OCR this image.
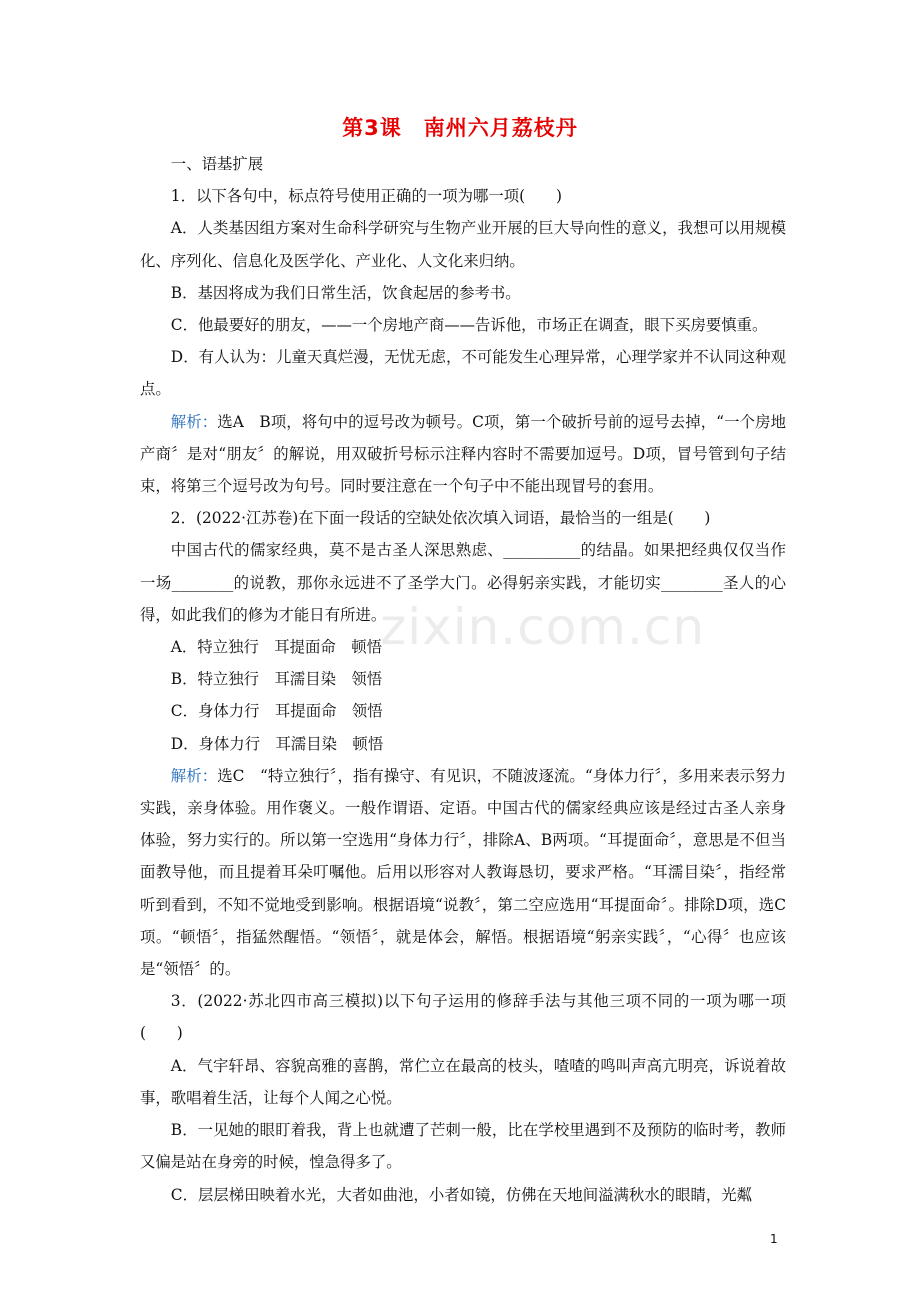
第3课　南州六月荔枝丹

一、语基扩展

1．以下各句中，标点符号使用正确的一项为哪一项(　　)

A．人类基因组方案对生命科学研究与生物产业开展的巨大导向性的意义，我想可以用规模化、序列化、信息化及医学化、产业化、人文化来归纳。

B．基因将成为我们日常生活，饮食起居的参考书。

C．他最要好的朋友，——一个房地产商——告诉他，市场正在调查，眼下买房要慎重。

D．有人认为：儿童天真烂漫，无忧无虑，不可能发生心理异常，心理学家并不认同这种观点。

解析：选A　B项，将句中的逗号改为顿号。C项，第一个破折号前的逗号去掉，“一个房地产商〞是对“朋友〞的解说，用双破折号标示注释内容时不需要加逗号。D项，冒号管到句子结束，将第三个逗号改为句号。同时要注意在一个句子中不能出现冒号的套用。

2．(2022·江苏卷)在下面一段话的空缺处依次填入词语，最恰当的一组是(　　)

中国古代的儒家经典，莫不是古圣人深思熟虑、__________的结晶。如果把经典仅仅当作一场________的说教，那你永远进不了圣学大门。必得躬亲实践，才能切实________圣人的心得，如此我们的修为才能日有所进。

A．特立独行　耳提面命　顿悟

B．特立独行　耳濡目染　领悟

C．身体力行　耳提面命　领悟

D．身体力行　耳濡目染　顿悟

解析：选C　“特立独行〞，指有操守、有见识，不随波逐流。“身体力行〞，多用来表示努力实践，亲身体验。用作褒义。一般作谓语、定语。中国古代的儒家经典应该是经过古圣人亲身体验，努力实行的。所以第一空选用“身体力行〞，排除A、B两项。“耳提面命〞，意思是不但当面教导他，而且提着耳朵叮嘱他。后用以形容对人教诲恳切，要求严格。“耳濡目染〞，指经常听到看到，不知不觉地受到影响。根据语境“说教〞，第二空应选用“耳提面命〞。排除D项，选C项。“顿悟〞，指猛然醒悟。“领悟〞，就是体会，解悟。根据语境“躬亲实践〞，“心得〞也应该是“领悟〞的。

3．(2022·苏北四市高三模拟)以下句子运用的修辞手法与其他三项不同的一项为哪一项(　　)

A．气宇轩昂、容貌高雅的喜鹊，常伫立在最高的枝头，喳喳的鸣叫声高亢明亮，诉说着故事，歌唱着生活，让每个人闻之心悦。

B．一见她的眼盯着我，背上也就遭了芒刺一般，比在学校里遇到不及预防的临时考，教师又偏是站在身旁的时候，惶急得多了。

C．层层梯田映着水光，大者如曲池，小者如镜，仿佛在天地间溢满秋水的眼睛，光粼

zixin.com.cn
1
